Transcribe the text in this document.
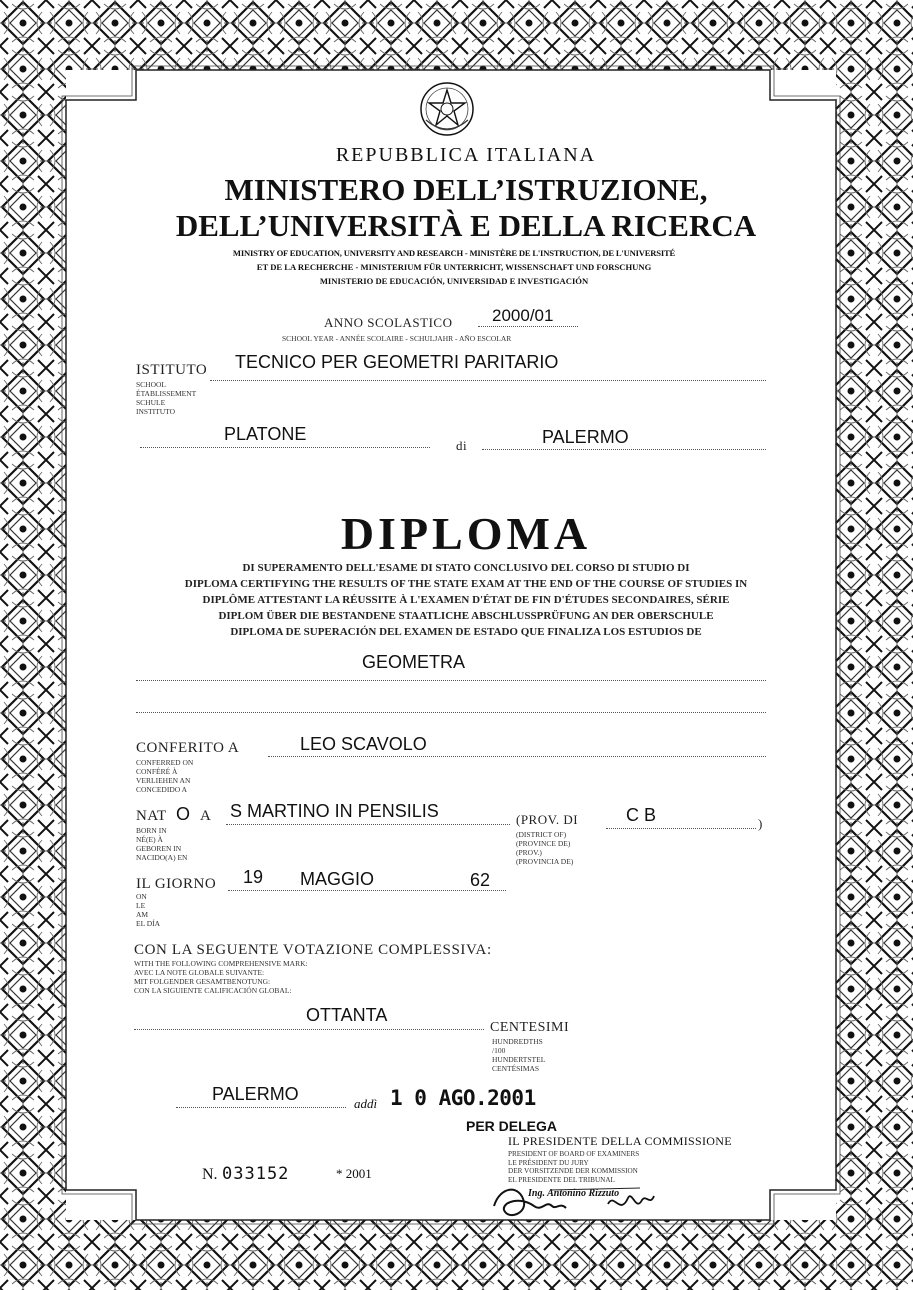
REPUBBLICA ITALIANA
MINISTERO DELL’ISTRUZIONE,
DELL’UNIVERSITÀ E DELLA RICERCA
MINISTRY OF EDUCATION, UNIVERSITY AND RESEARCH - MINISTÈRE DE L'INSTRUCTION, DE L'UNIVERSITÉ
ET DE LA RECHERCHE - MINISTERIUM FÜR UNTERRICHT, WISSENSCHAFT UND FORSCHUNG
MINISTERIO DE EDUCACIÓN, UNIVERSIDAD E INVESTIGACIÓN
ANNO SCOLASTICO 2000/01
SCHOOL YEAR - ANNÉE SCOLAIRE - SCHULJAHR - AÑO ESCOLAR
ISTITUTO TECNICO PER GEOMETRI PARITARIO
SCHOOL
ÉTABLISSEMENT
SCHULE
INSTITUTO
PLATONE
di	PALERMO
DIPLOMA
DI SUPERAMENTO DELL'ESAME DI STATO CONCLUSIVO DEL CORSO DI STUDIO DI
DIPLOMA CERTIFYING THE RESULTS OF THE STATE EXAM AT THE END OF THE COURSE OF STUDIES IN
DIPLÔME ATTESTANT LA RÉUSSITE À L'EXAMEN D'ÉTAT DE FIN D'ÉTUDES SECONDAIRES, SÉRIE
DIPLOM ÜBER DIE BESTANDENE STAATLICHE ABSCHLUSSPRÜFUNG AN DER OBERSCHULE
DIPLOMA DE SUPERACIÓN DEL EXAMEN DE ESTADO QUE FINALIZA LOS ESTUDIOS DE
GEOMETRA
CONFERITO A	LEO SCAVOLO
CONFERRED ON
CONFÉRÉ À
VERLIEHEN AN
CONCEDIDO A
NAT O A S MARTINO IN PENSILIS	(PROV. DI	C B	)
BORN IN
NÉ(E) À
GEBOREN IN
NACIDO(A) EN
(DISTRICT OF)
(PROVINCE DE)
(PROV.)
(PROVINCIA DE)
IL GIORNO 19 MAGGIO	62
ON
LE
AM
EL DÍA
CON LA SEGUENTE VOTAZIONE COMPLESSIVA:
WITH THE FOLLOWING COMPREHENSIVE MARK:
AVEC LA NOTE GLOBALE SUIVANTE:
MIT FOLGENDER GESAMTBENOTUNG:
CON LA SIGUIENTE CALIFICACIÓN GLOBAL:
OTTANTA
CENTESIMI
HUNDREDTHS
/100
HUNDERTSTEL
CENTÉSIMAS
PALERMO	addì 1 0 AGO.2001
PER DELEGA
IL PRESIDENTE DELLA COMMISSIONE
PRESIDENT OF BOARD OF EXAMINERS
LE PRÉSIDENT DU JURY
DER VORSITZENDE DER KOMMISSION
EL PRESIDENTE DEL TRIBUNAL
Ing. Antonino Rizzuto
N. 033152	* 2001
